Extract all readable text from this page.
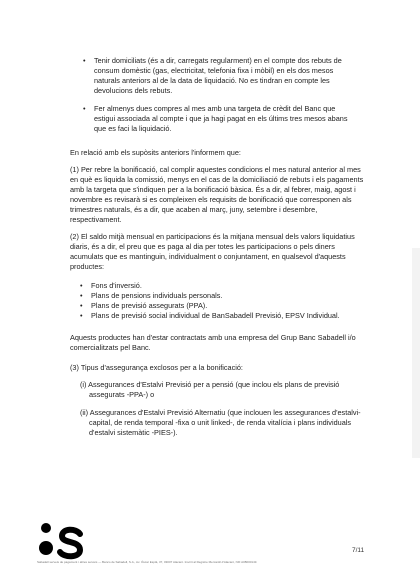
• Tenir domiciliats (és a dir, carregats regularment) en el compte dos rebuts de consum domèstic (gas, electricitat, telefonia fixa i mòbil) en els dos mesos naturals anteriors al de la data de liquidació. No es tindran en compte les devolucions dels rebuts.
• Fer almenys dues compres al mes amb una targeta de crèdit del Banc que estigui associada al compte i que ja hagi pagat en els últims tres mesos abans que es faci la liquidació.
En relació amb els supòsits anteriors l'informem que:
(1) Per rebre la bonificació, cal complir aquestes condicions el mes natural anterior al mes en què es liquida la comissió, menys en el cas de la domiciliació de rebuts i els pagaments amb la targeta que s'indiquen per a la bonificació bàsica. És a dir, al febrer, maig, agost i novembre es revisarà si es compleixen els requisits de bonificació que corresponen als trimestres naturals, és a dir, que acaben al març, juny, setembre i desembre, respectivament.
(2) El saldo mitjà mensual en participacions és la mitjana mensual dels valors liquidatius diaris, és a dir, el preu que es paga al dia per totes les participacions o pels diners acumulats que es mantinguin, individualment o conjuntament, en qualsevol d'aquests productes:
• Fons d'inversió.
• Plans de pensions individuals personals.
• Plans de previsió assegurats (PPA).
• Plans de previsió social individual de BanSabadell Previsió, EPSV Individual.
Aquests productes han d'estar contractats amb una empresa del Grup Banc Sabadell i/o comercialitzats pel Banc.
(3) Tipus d'assegurança exclosos per a la bonificació:
(i) Assegurances d'Estalvi Previsió per a pensió (que inclou els plans de previsió assegurats -PPA-) o
(ii) Assegurances d'Estalvi Previsió Alternatiu (que inclouen les assegurances d'estalvi-capital, de renda temporal -fixa o unit linked-, de renda vitalícia i plans individuals d'estalvi sistemàtic -PIES-).
7/11
Sabadell serveis de pagament i altres serveis — Banco de Sabadell, S.A., Av. Óscar Esplá, 37, 03007 Alacant. Inscrit al Registre Mercantil d'Alacant, NIF A08000143.
